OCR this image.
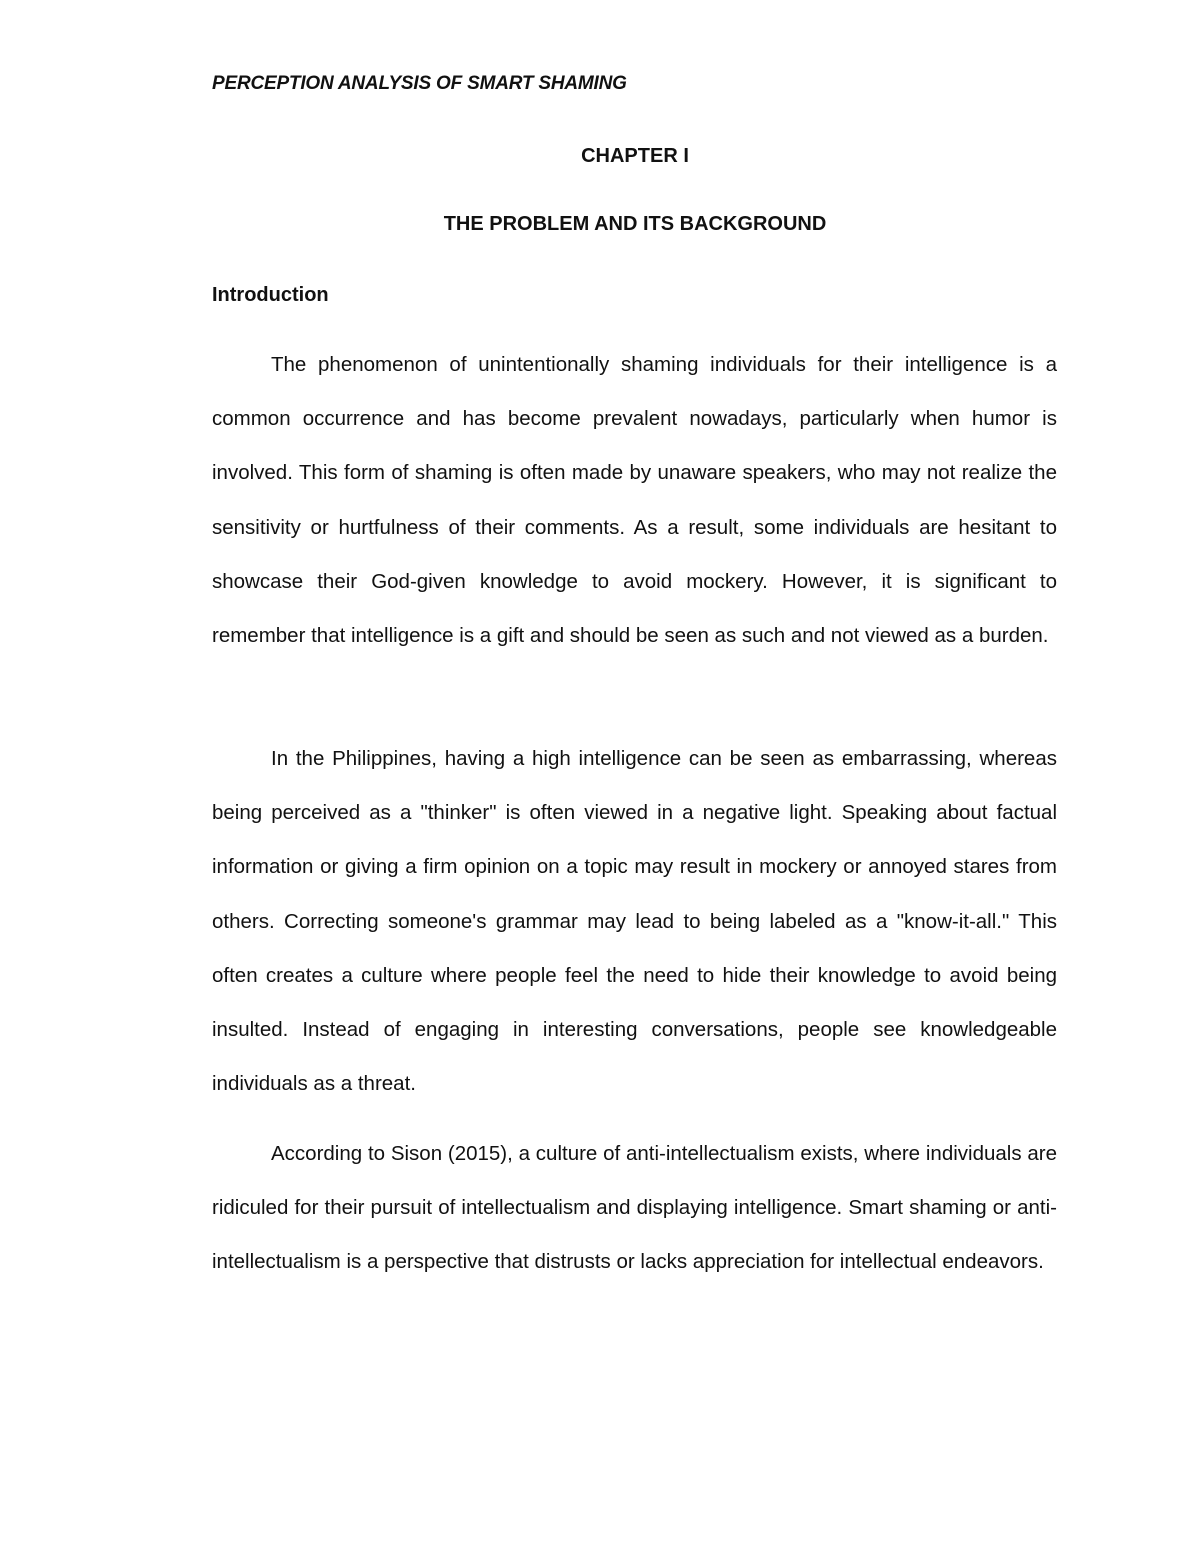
PERCEPTION ANALYSIS OF SMART SHAMING
CHAPTER I
THE PROBLEM AND ITS BACKGROUND
Introduction

The phenomenon of unintentionally shaming individuals for their intelligence is a common occurrence and has become prevalent nowadays, particularly when humor is involved. This form of shaming is often made by unaware speakers, who may not realize the sensitivity or hurtfulness of their comments. As a result, some individuals are hesitant to showcase their God-given knowledge to avoid mockery. However, it is significant to remember that intelligence is a gift and should be seen as such and not viewed as a burden.

In the Philippines, having a high intelligence can be seen as embarrassing, whereas being perceived as a "thinker" is often viewed in a negative light. Speaking about factual information or giving a firm opinion on a topic may result in mockery or annoyed stares from others. Correcting someone's grammar may lead to being labeled as a "know-it-all." This often creates a culture where people feel the need to hide their knowledge to avoid being insulted. Instead of engaging in interesting conversations, people see knowledgeable individuals as a threat.

According to Sison (2015), a culture of anti-intellectualism exists, where individuals are ridiculed for their pursuit of intellectualism and displaying intelligence. Smart shaming or anti-intellectualism is a perspective that distrusts or lacks appreciation for intellectual endeavors.
